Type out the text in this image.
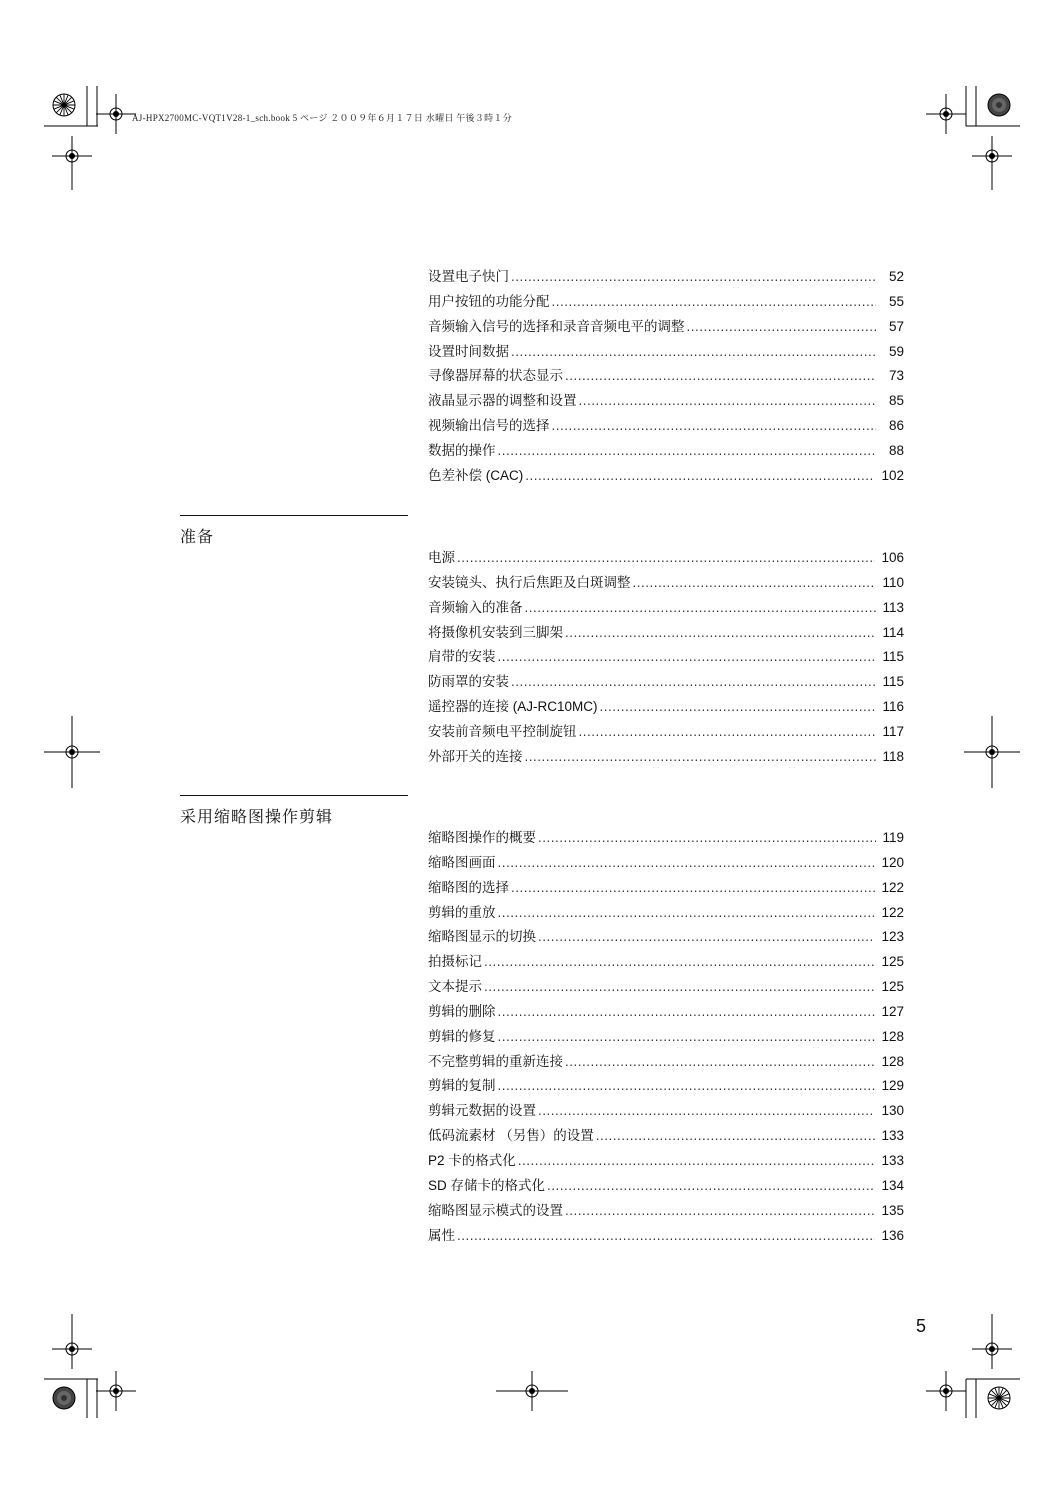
AJ-HPX2700MC-VQT1V28-1_sch.book 5 ページ ２００９年６月１７日 水曜日 午後３時１分
设置电子快门 .....	52
用户按钮的功能分配 .....	55
音频输入信号的选择和录音音频电平的调整 .....	57
设置时间数据 .....	59
寻像器屏幕的状态显示 .....	73
液晶显示器的调整和设置 .....	85
视频输出信号的选择 .....	86
数据的操作 .....	88
色差补偿 (CAC) .....	102
准备
电源 .....	106
安装镜头、执行后焦距及白斑调整 .....	110
音频输入的准备 .....	113
将摄像机安装到三脚架 .....	114
肩带的安装 .....	115
防雨罩的安装 .....	115
遥控器的连接 (AJ-RC10MC) .....	116
安装前音频电平控制旋钮 .....	117
外部开关的连接 .....	118
采用缩略图操作剪辑
缩略图操作的概要 .....	119
缩略图画面 .....	120
缩略图的选择 .....	122
剪辑的重放 .....	122
缩略图显示的切换 .....	123
拍摄标记 .....	125
文本提示 .....	125
剪辑的删除 .....	127
剪辑的修复 .....	128
不完整剪辑的重新连接 .....	128
剪辑的复制 .....	129
剪辑元数据的设置 .....	130
低码流素材 （另售）的设置 .....	133
P2 卡的格式化 .....	133
SD 存储卡的格式化 .....	134
缩略图显示模式的设置 .....	135
属性 .....	136
5
